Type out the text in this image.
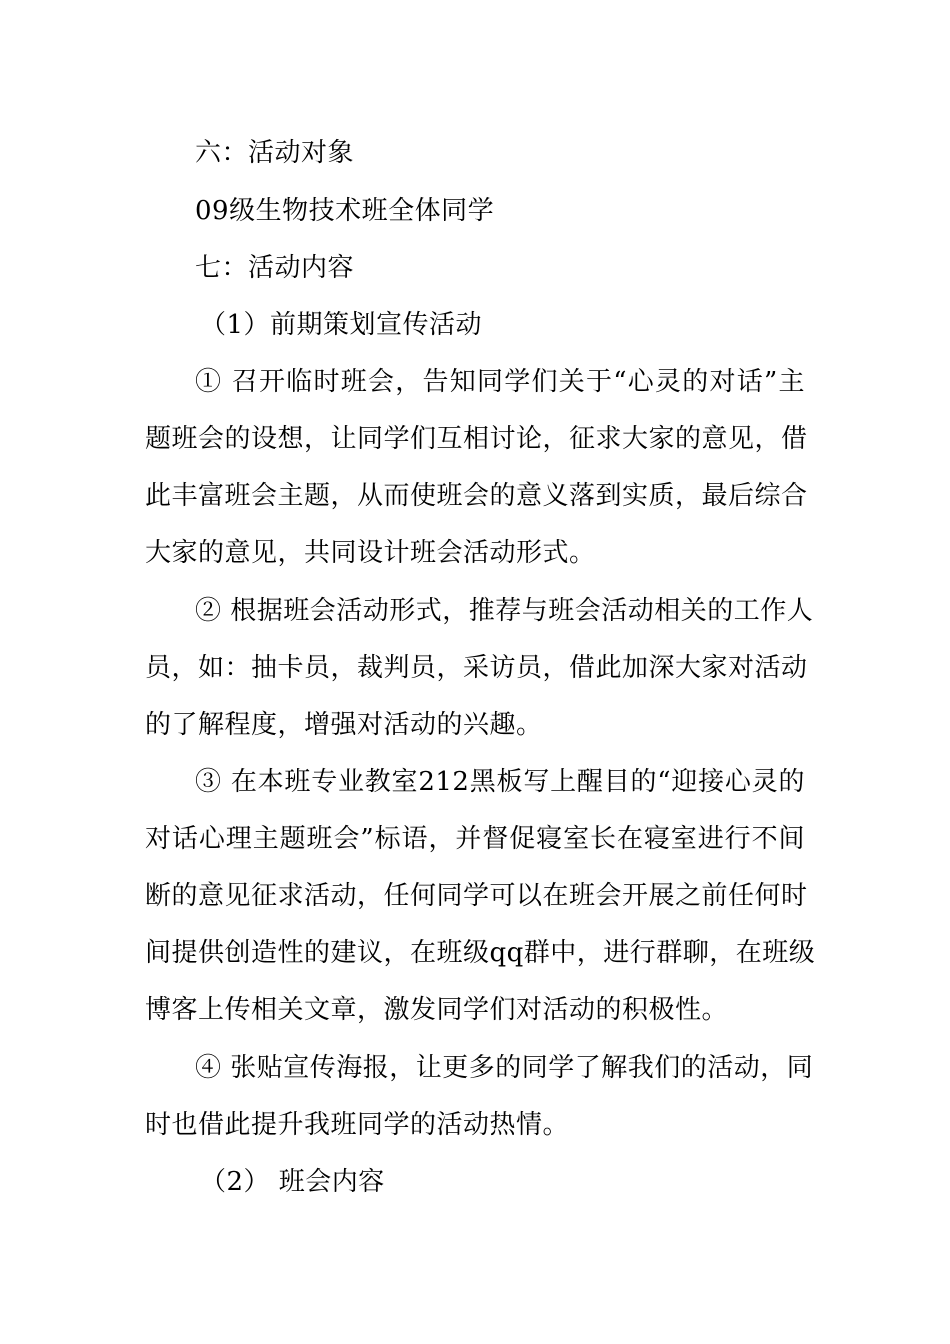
六：活动对象
09级生物技术班全体同学
七：活动内容
（1）前期策划宣传活动
① 召开临时班会，告知同学们关于“心灵的对话”主
题班会的设想，让同学们互相讨论，征求大家的意见，借
此丰富班会主题，从而使班会的意义落到实质，最后综合
大家的意见，共同设计班会活动形式。
② 根据班会活动形式，推荐与班会活动相关的工作人
员，如：抽卡员，裁判员，采访员，借此加深大家对活动
的了解程度，增强对活动的兴趣。
③ 在本班专业教室212黑板写上醒目的“迎接心灵的
对话心理主题班会”标语，并督促寝室长在寝室进行不间
断的意见征求活动，任何同学可以在班会开展之前任何时
间提供创造性的建议，在班级qq群中，进行群聊，在班级
博客上传相关文章，激发同学们对活动的积极性。
④ 张贴宣传海报，让更多的同学了解我们的活动，同
时也借此提升我班同学的活动热情。
（2） 班会内容
